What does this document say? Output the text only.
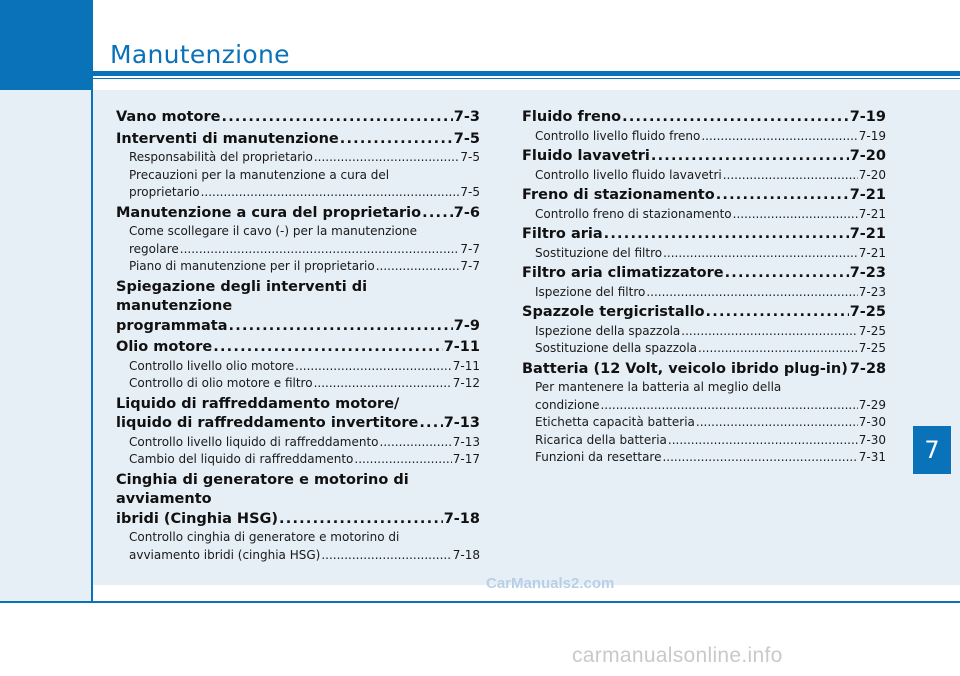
Manutenzione
Vano motore .....	7-3
Interventi di manutenzione .....	7-5
Responsabilità del proprietario .....	7-5
Precauzioni per la manutenzione a cura del
proprietario .....	7-5
Manutenzione a cura del proprietario ..... 7-6
Come scollegare il cavo (-) per la manutenzione
regolare .....	7-7
Piano di manutenzione per il proprietario .....	7-7
Spiegazione degli interventi di manutenzione
programmata .....	7-9
Olio motore .....	7-11
Controllo livello olio motore .....	7-11
Controllo di olio motore e filtro .....	7-12
Liquido di raffreddamento motore/
liquido di raffreddamento invertitore ..... 7-13
Controllo livello liquido di raffreddamento .....	7-13
Cambio del liquido di raffreddamento .....	7-17
Cinghia di generatore e motorino di avviamento
ibridi (Cinghia HSG) .....	7-18
Controllo cinghia di generatore e motorino di
avviamento ibridi (cinghia HSG) .....	7-18
Fluido freno .....	7-19
Controllo livello fluido freno .....	7-19
Fluido lavavetri .....	7-20
Controllo livello fluido lavavetri .....	7-20
Freno di stazionamento .....	7-21
Controllo freno di stazionamento .....	7-21
Filtro aria .....	7-21
Sostituzione del filtro .....	7-21
Filtro aria climatizzatore .....	7-23
Ispezione del filtro .....	7-23
Spazzole tergicristallo .....	7-25
Ispezione della spazzola .....	7-25
Sostituzione della spazzola .....	7-25
Batteria (12 Volt, veicolo ibrido plug-in) 7-28
Per mantenere la batteria al meglio della
condizione .....	7-29
Etichetta capacità batteria .....	7-30
Ricarica della batteria .....	7-30
Funzioni da resettare .....	7-31	7
CarManuals2.com
carmanualsonline.info
